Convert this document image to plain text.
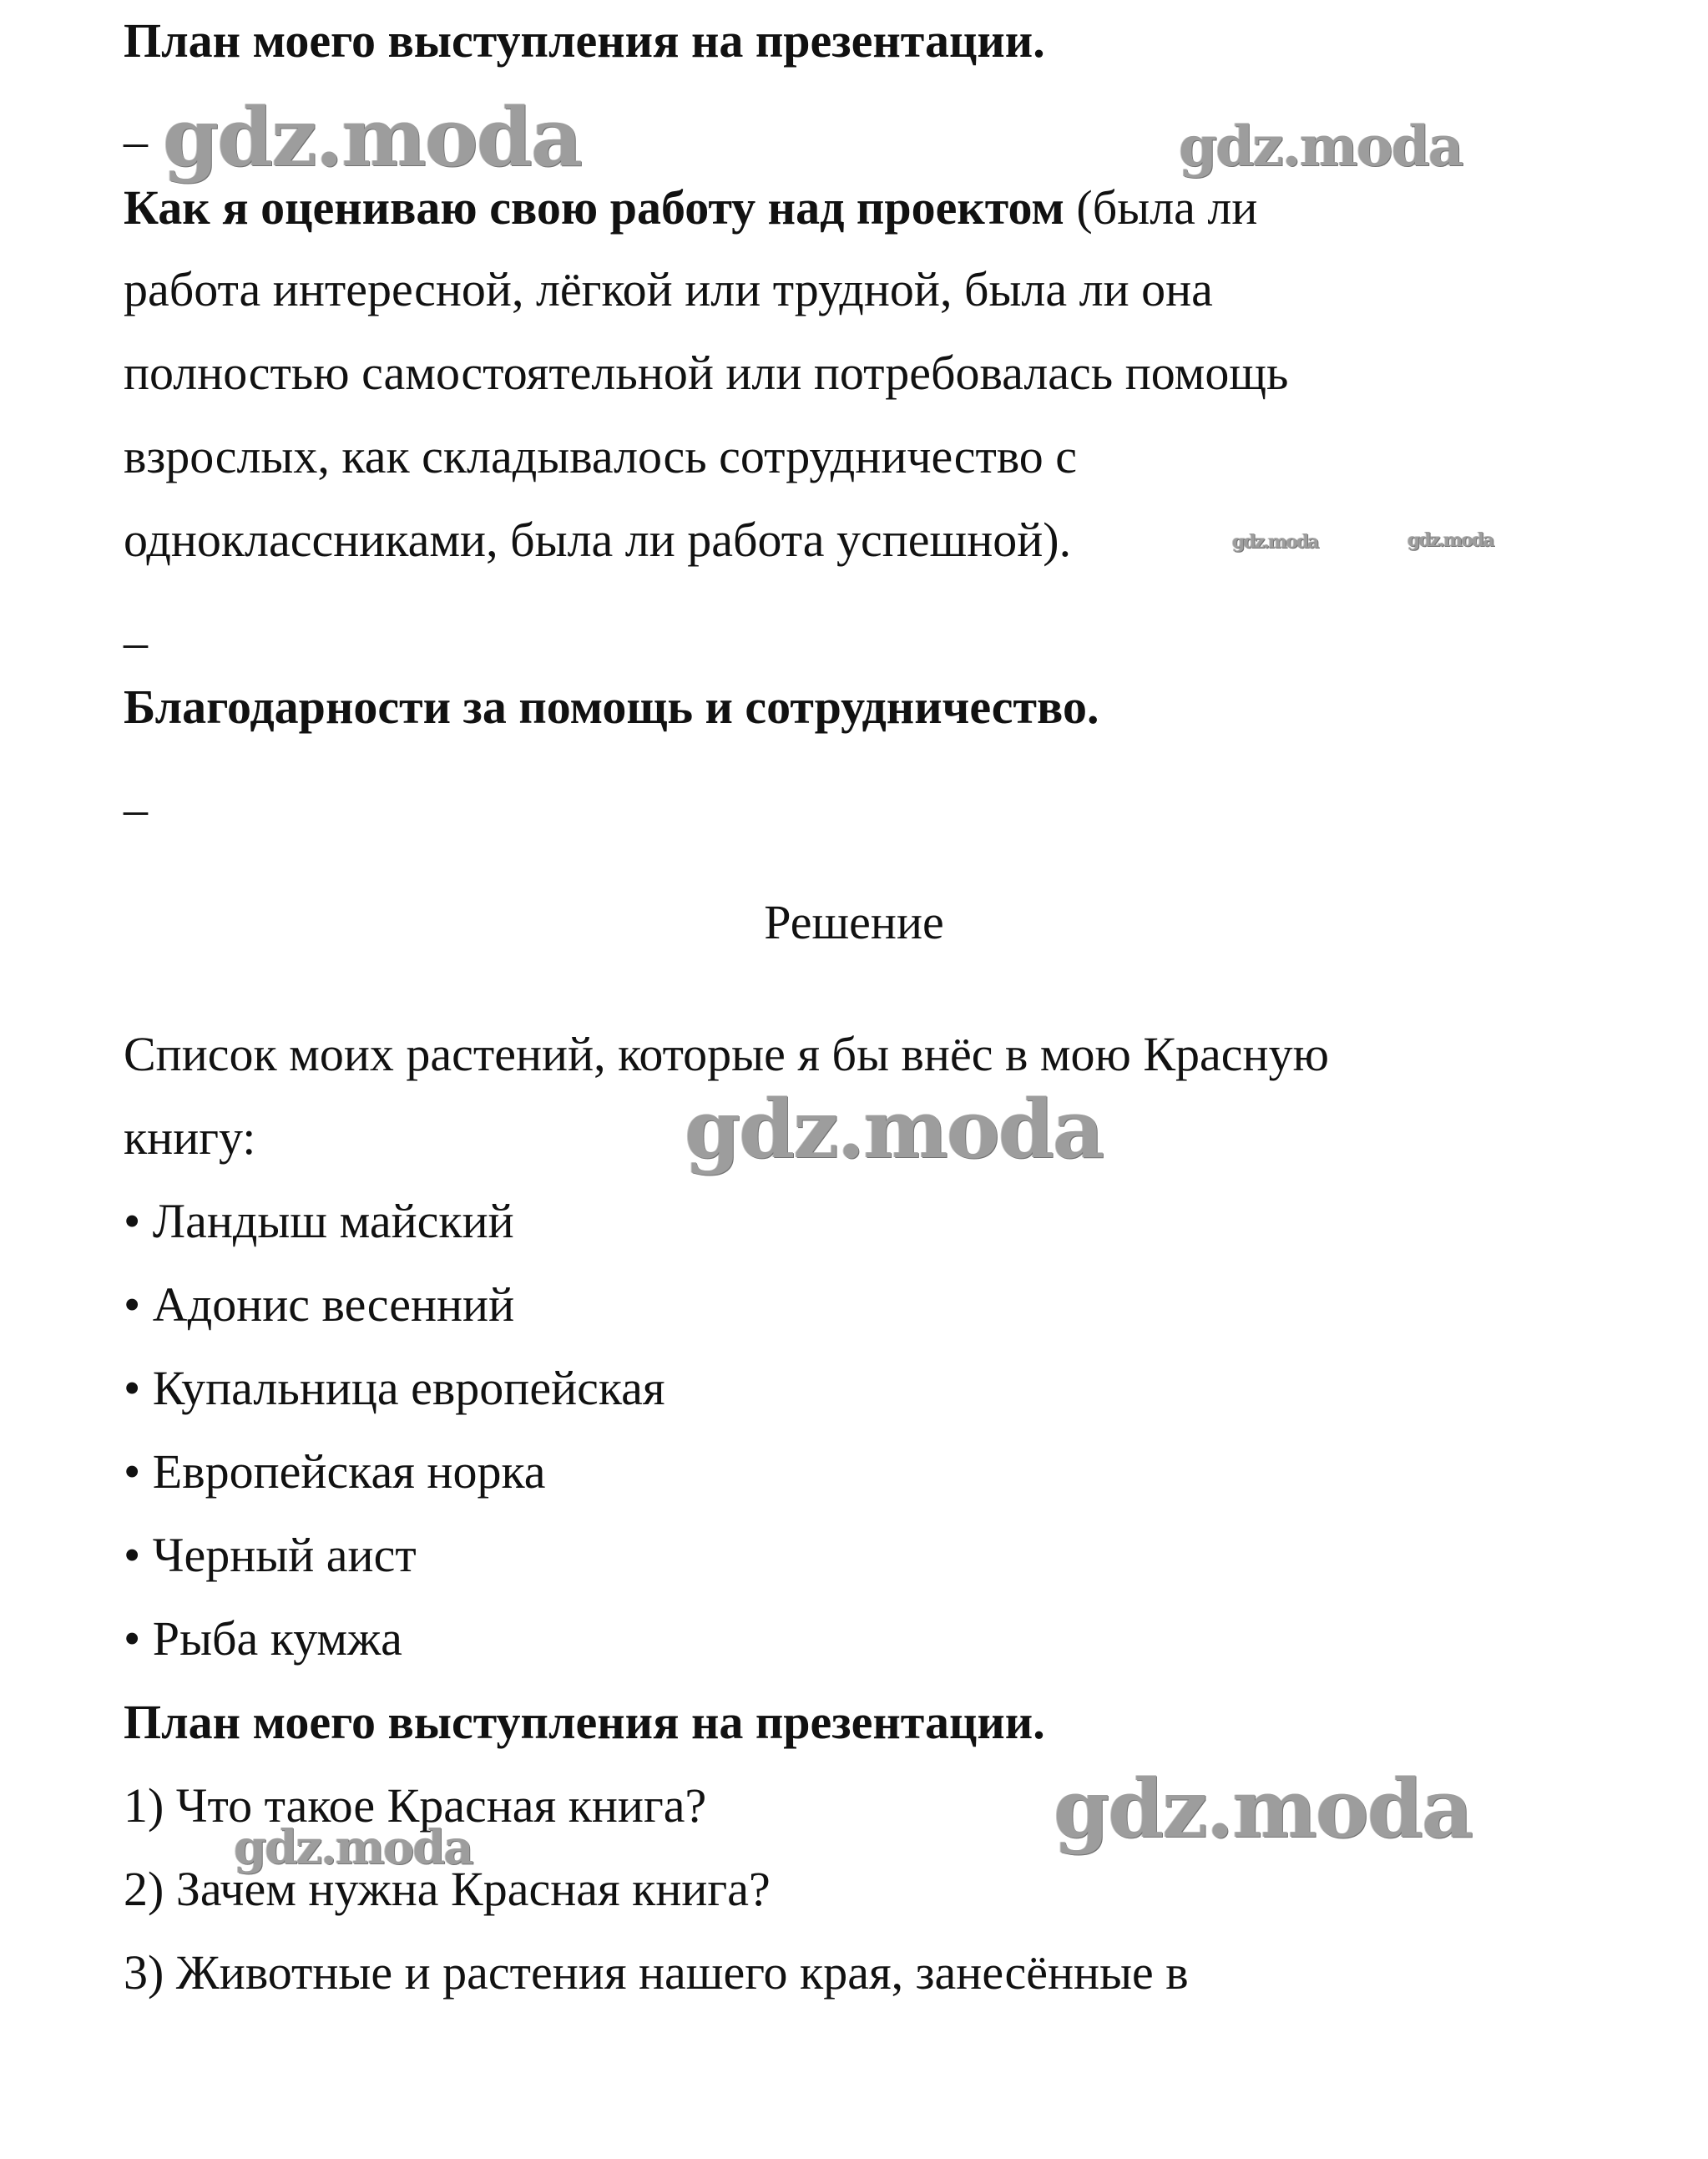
План моего выступления на презентации.
–
Как я оцениваю свою работу над проектом (была ли
работа интересной, лёгкой или трудной, была ли она
полностью самостоятельной или потребовалась помощь
взрослых, как складывалось сотрудничество с
одноклассниками, была ли работа успешной).
–
Благодарности за помощь и сотрудничество.
–
Решение
Список моих растений, которые я бы внёс в мою Красную
книгу:
• Ландыш майский
• Адонис весенний
• Купальница европейская
• Европейская норка
• Черный аист
• Рыба кумжа
План моего выступления на презентации.
1) Что такое Красная книга?
2) Зачем нужна Красная книга?
3) Животные и растения нашего края, занесённые в
gdz.moda	gdz.moda
gdz.moda	gdz.moda
gdz.moda
gdz.moda
gdz.moda
